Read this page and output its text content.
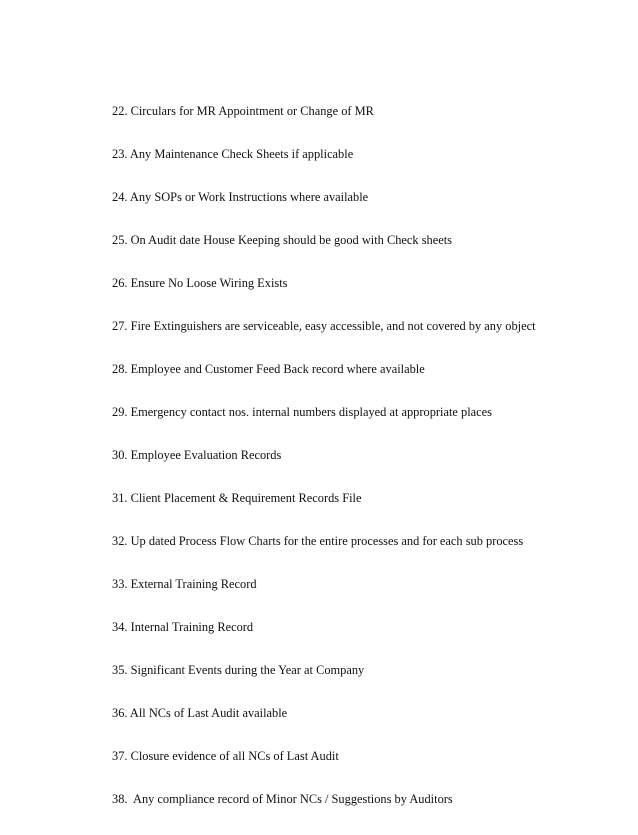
22. Circulars for MR Appointment or Change of MR

23. Any Maintenance Check Sheets if applicable

24. Any SOPs or Work Instructions where available

25. On Audit date House Keeping should be good with Check sheets

26. Ensure No Loose Wiring Exists

27. Fire Extinguishers are serviceable, easy accessible, and not covered by any object

28. Employee and Customer Feed Back record where available

29. Emergency contact nos. internal numbers displayed at appropriate places

30. Employee Evaluation Records

31. Client Placement & Requirement Records File

32. Up dated Process Flow Charts for the entire processes and for each sub process

33. External Training Record

34. Internal Training Record

35. Significant Events during the Year at Company

36. All NCs of Last Audit available

37. Closure evidence of all NCs of Last Audit

38.  Any compliance record of Minor NCs / Suggestions by Auditors
